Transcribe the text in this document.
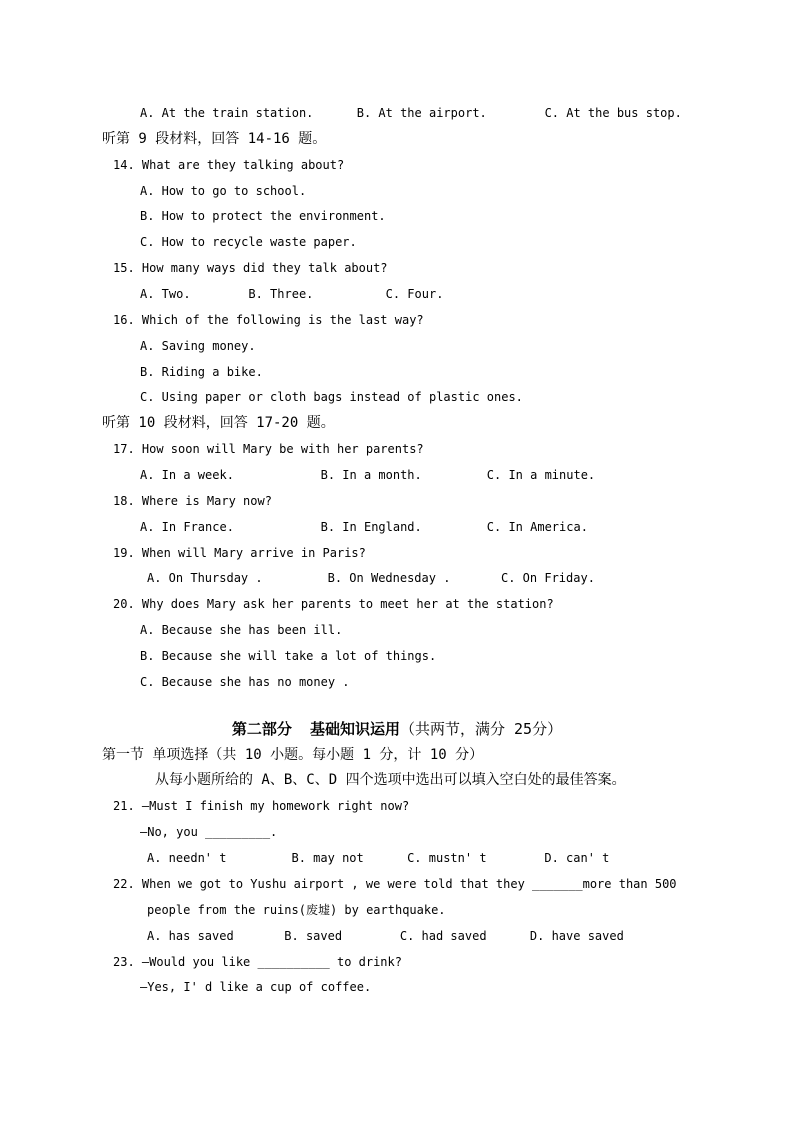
A. At the train station.      B. At the airport.        C. At the bus stop.
听第 9 段材料，回答 14-16 题。
14. What are they talking about?
A. How to go to school.
B. How to protect the environment.
C. How to recycle waste paper.
15. How many ways did they talk about?
A. Two.        B. Three.          C. Four.
16. Which of the following is the last way?
A. Saving money.
B. Riding a bike.
C. Using paper or cloth bags instead of plastic ones.
听第 10 段材料，回答 17-20 题。
17. How soon will Mary be with her parents?
A. In a week.            B. In a month.         C. In a minute.
18. Where is Mary now?
A. In France.            B. In England.         C. In America.
19. When will Mary arrive in Paris?
A. On Thursday .         B. On Wednesday .       C. On Friday.
20. Why does Mary ask her parents to meet her at the station?
A. Because she has been ill.
B. Because she will take a lot of things.
C. Because she has no money .
第二部分  基础知识运用（共两节，满分 25分）
第一节 单项选择（共 10 小题。每小题 1 分，计 10 分）
从每小题所给的 A、B、C、D 四个选项中选出可以填入空白处的最佳答案。
21. —Must I finish my homework right now?
—No, you _________.
A. needn' t         B. may not      C. mustn' t        D. can' t
22. When we got to Yushu airport , we were told that they _______more than 500
people from the ruins(废墟) by earthquake.
A. has saved       B. saved        C. had saved      D. have saved
23. —Would you like __________ to drink?
—Yes, I' d like a cup of coffee.
